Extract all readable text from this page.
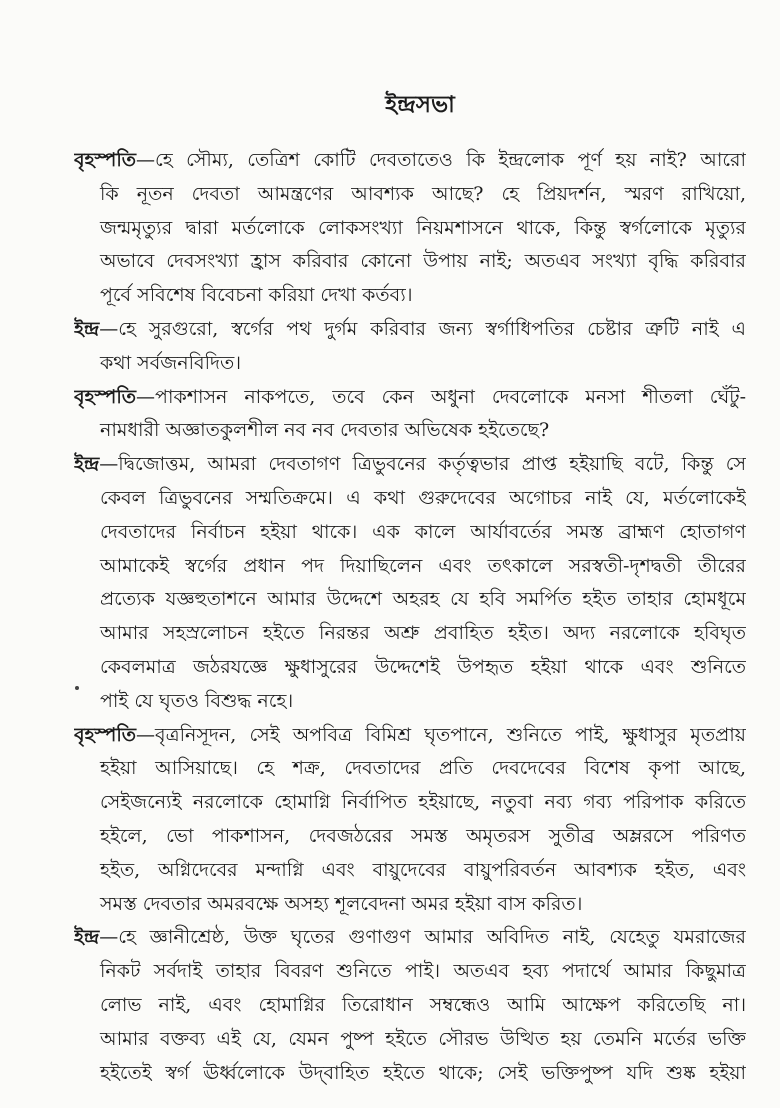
ইন্দ্রসভা
বৃহস্পতি—হে সৌম্য, তেত্রিশ কোটি দেবতাতেও কি ইন্দ্রলোক পূর্ণ হয় নাই? আরো
কি নূতন দেবতা আমন্ত্রণের আবশ্যক আছে? হে প্রিয়দর্শন, স্মরণ রাখিয়ো,
জন্মমৃত্যুর দ্বারা মর্তলোকে লোকসংখ্যা নিয়মশাসনে থাকে, কিন্তু স্বর্গলোকে মৃত্যুর
অভাবে দেবসংখ্যা হ্রাস করিবার কোনো উপায় নাই; অতএব সংখ্যা বৃদ্ধি করিবার
পূর্বে সবিশেষ বিবেচনা করিয়া দেখা কর্তব্য।
ইন্দ্র—হে সুরগুরো, স্বর্গের পথ দুর্গম করিবার জন্য স্বর্গাধিপতির চেষ্টার ত্রুটি নাই এ
কথা সর্বজনবিদিত।
বৃহস্পতি—পাকশাসন নাকপতে, তবে কেন অধুনা দেবলোকে মনসা শীতলা ঘেঁটু-
নামধারী অজ্ঞাতকুলশীল নব নব দেবতার অভিষেক হইতেছে?
ইন্দ্র—দ্বিজোত্তম, আমরা দেবতাগণ ত্রিভুবনের কর্তৃত্বভার প্রাপ্ত হইয়াছি বটে, কিন্তু সে
কেবল ত্রিভুবনের সম্মতিক্রমে। এ কথা গুরুদেবের অগোচর নাই যে, মর্তলোকেই
দেবতাদের নির্বাচন হইয়া থাকে। এক কালে আর্যাবর্তের সমস্ত ব্রাহ্মণ হোতাগণ
আমাকেই স্বর্গের প্রধান পদ দিয়াছিলেন এবং তৎকালে সরস্বতী-দৃশদ্বতী তীরের
প্রত্যেক যজ্ঞহুতাশনে আমার উদ্দেশে অহরহ যে হবি সমর্পিত হইত তাহার হোমধূমে
আমার সহস্রলোচন হইতে নিরন্তর অশ্রু প্রবাহিত হইত। অদ্য নরলোকে হবিঘৃত
কেবলমাত্র জঠরযজ্ঞে ক্ষুধাসুরের উদ্দেশেই উপহৃত হইয়া থাকে এবং শুনিতে
পাই যে ঘৃতও বিশুদ্ধ নহে।
বৃহস্পতি—বৃত্রনিসূদন, সেই অপবিত্র বিমিশ্র ঘৃতপানে, শুনিতে পাই, ক্ষুধাসুর মৃতপ্রায়
হইয়া আসিয়াছে। হে শক্র, দেবতাদের প্রতি দেবদেবের বিশেষ কৃপা আছে,
সেইজন্যেই নরলোকে হোমাগ্নি নির্বাপিত হইয়াছে, নতুবা নব্য গব্য পরিপাক করিতে
হইলে, ভো পাকশাসন, দেবজঠরের সমস্ত অমৃতরস সুতীব্র অম্লরসে পরিণত
হইত, অগ্নিদেবের মন্দাগ্নি এবং বায়ুদেবের বায়ুপরিবর্তন আবশ্যক হইত, এবং
সমস্ত দেবতার অমরবক্ষে অসহ্য শূলবেদনা অমর হইয়া বাস করিত।
ইন্দ্র—হে জ্ঞানীশ্রেষ্ঠ, উক্ত ঘৃতের গুণাগুণ আমার অবিদিত নাই, যেহেতু যমরাজের
নিকট সর্বদাই তাহার বিবরণ শুনিতে পাই। অতএব হব্য পদার্থে আমার কিছুমাত্র
লোভ নাই, এবং হোমাগ্নির তিরোধান সম্বন্ধেও আমি আক্ষেপ করিতেছি না।
আমার বক্তব্য এই যে, যেমন পুষ্প হইতে সৌরভ উত্থিত হয় তেমনি মর্তের ভক্তি
হইতেই স্বর্গ ঊর্ধ্বলোকে উদ্‌বাহিত হইতে থাকে; সেই ভক্তিপুষ্প যদি শুষ্ক হইয়া
